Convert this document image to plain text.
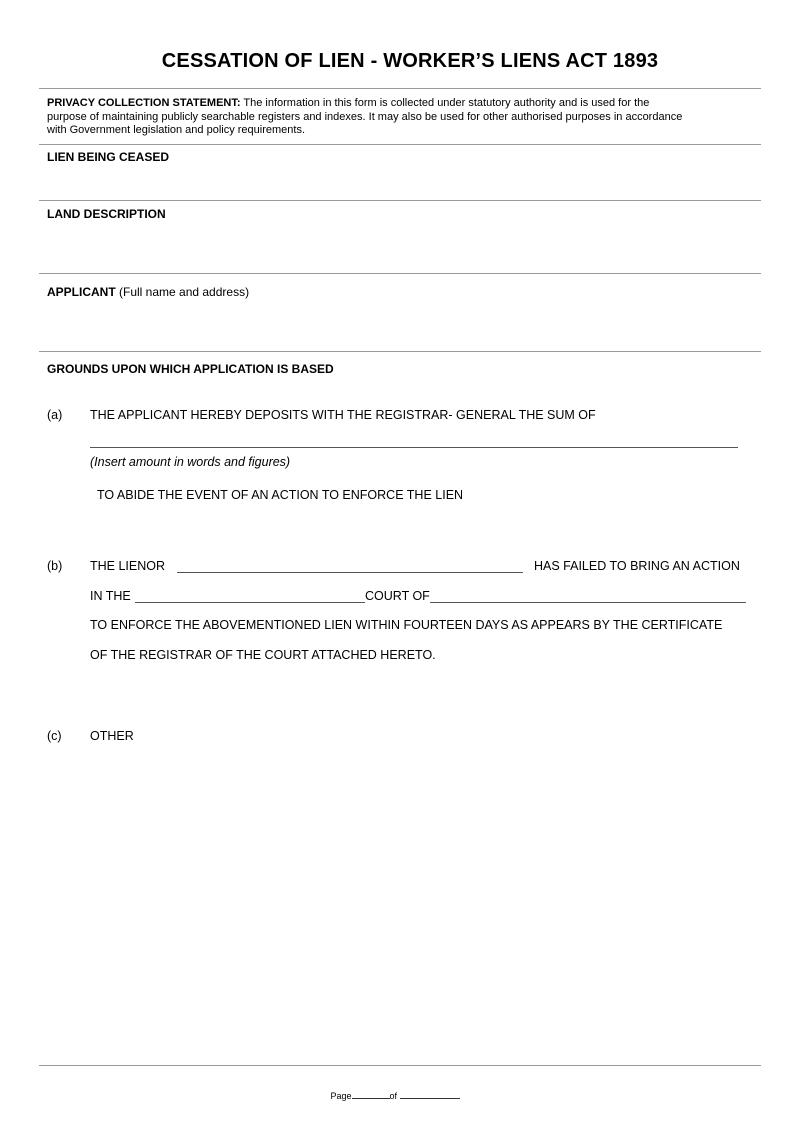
CESSATION OF LIEN - WORKER’S LIENS ACT 1893
PRIVACY COLLECTION STATEMENT: The information in this form is collected under statutory authority and is used for the
purpose of maintaining publicly searchable registers and indexes. It may also be used for other authorised purposes in accordance
with Government legislation and policy requirements.
LIEN BEING CEASED
LAND DESCRIPTION
APPLICANT (Full name and address)
GROUNDS UPON WHICH APPLICATION IS BASED
(a) THE APPLICANT HEREBY DEPOSITS WITH THE REGISTRAR- GENERAL THE SUM OF
(Insert amount in words and figures)
TO ABIDE THE EVENT OF AN ACTION TO ENFORCE THE LIEN
(b) THE LIENOR	HAS FAILED TO BRING AN ACTION
IN THE	COURT OF
TO ENFORCE THE ABOVEMENTIONED LIEN WITHIN FOURTEEN DAYS AS APPEARS BY THE CERTIFICATE
OF THE REGISTRAR OF THE COURT ATTACHED HERETO.
(c) OTHER
Page	of
